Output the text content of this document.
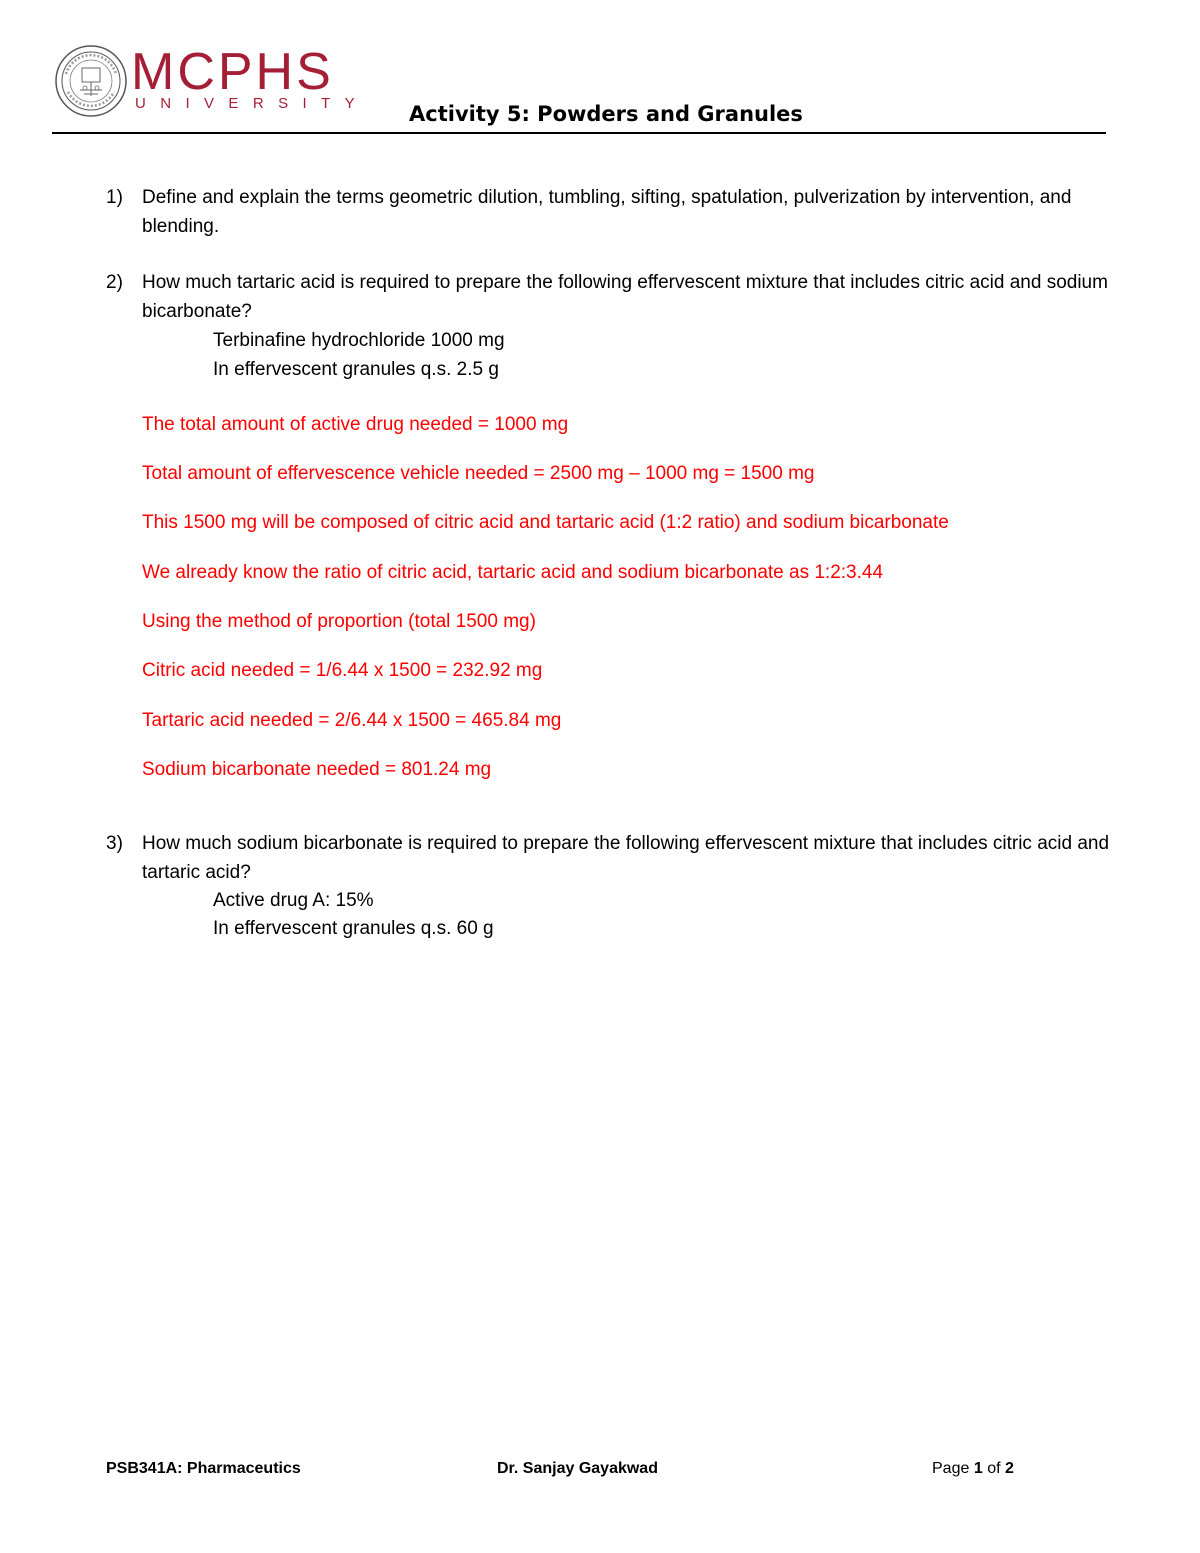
MCPHS
UNIVERSITY Activity 5: Powders and Granules
1) Define and explain the terms geometric dilution, tumbling, sifting, spatulation, pulverization by intervention, and blending.

2) How much tartaric acid is required to prepare the following effervescent mixture that includes citric acid and sodium bicarbonate?

Terbinafine hydrochloride 1000 mg
In effervescent granules q.s. 2.5 g
The total amount of active drug needed = 1000 mg
Total amount of effervescence vehicle needed = 2500 mg – 1000 mg = 1500 mg
This 1500 mg will be composed of citric acid and tartaric acid (1:2 ratio) and sodium bicarbonate
We already know the ratio of citric acid, tartaric acid and sodium bicarbonate as 1:2:3.44
Using the method of proportion (total 1500 mg)
Citric acid needed = 1/6.44 x 1500 = 232.92 mg
Tartaric acid needed = 2/6.44 x 1500 = 465.84 mg
Sodium bicarbonate needed = 801.24 mg
3) How much sodium bicarbonate is required to prepare the following effervescent mixture that includes citric acid and tartaric acid?

Active drug A: 15%
In effervescent granules q.s. 60 g
PSB341A: Pharmaceutics	Dr. Sanjay Gayakwad	Page 1 of 2
